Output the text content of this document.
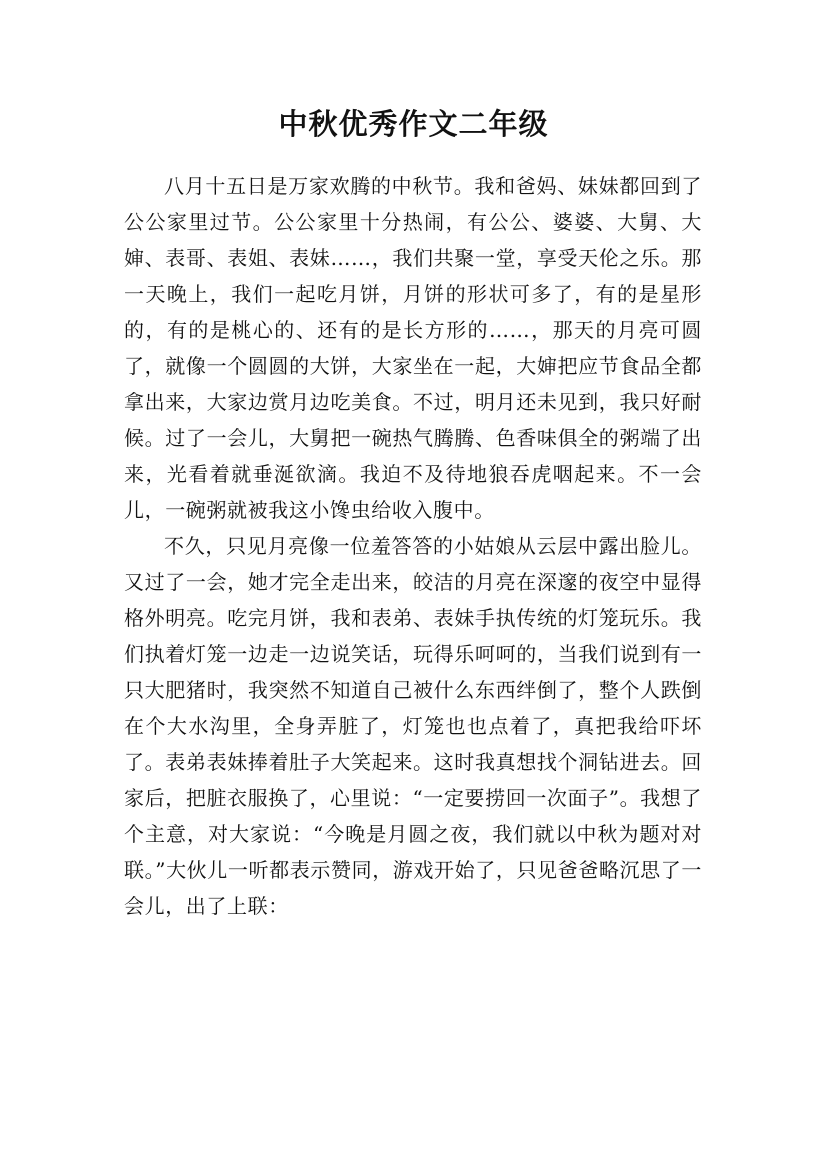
中秋优秀作文二年级

八月十五日是万家欢腾的中秋节。我和爸妈、妹妹都回到了公公家里过节。公公家里十分热闹，有公公、婆婆、大舅、大婶、表哥、表姐、表妹……，我们共聚一堂，享受天伦之乐。那一天晚上，我们一起吃月饼，月饼的形状可多了，有的是星形的，有的是桃心的、还有的是长方形的……，那天的月亮可圆了，就像一个圆圆的大饼，大家坐在一起，大婶把应节食品全都拿出来，大家边赏月边吃美食。不过，明月还未见到，我只好耐候。过了一会儿，大舅把一碗热气腾腾、色香味俱全的粥端了出来，光看着就垂涎欲滴。我迫不及待地狼吞虎咽起来。不一会儿，一碗粥就被我这小馋虫给收入腹中。

不久，只见月亮像一位羞答答的小姑娘从云层中露出脸儿。又过了一会，她才完全走出来，皎洁的月亮在深邃的夜空中显得格外明亮。吃完月饼，我和表弟、表妹手执传统的灯笼玩乐。我们执着灯笼一边走一边说笑话，玩得乐呵呵的，当我们说到有一只大肥猪时，我突然不知道自己被什么东西绊倒了，整个人跌倒在个大水沟里，全身弄脏了，灯笼也也点着了，真把我给吓坏了。表弟表妹捧着肚子大笑起来。这时我真想找个洞钻进去。回家后，把脏衣服换了，心里说：“一定要捞回一次面子”。我想了个主意，对大家说：“今晚是月圆之夜，我们就以中秋为题对对联。”大伙儿一听都表示赞同，游戏开始了，只见爸爸略沉思了一会儿，出了上联：
